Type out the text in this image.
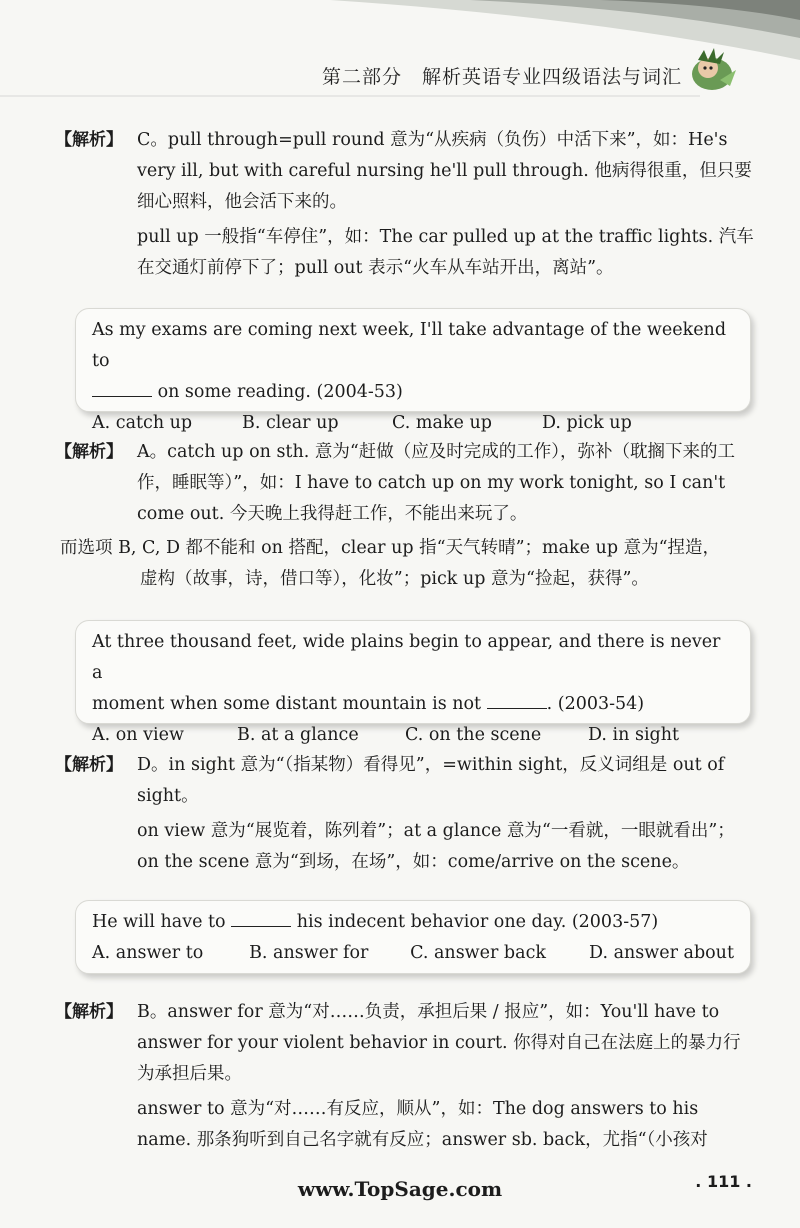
第二部分　解析英语专业四级语法与词汇
【解析】 C。pull through=pull round 意为“从疾病（负伤）中活下来”，如：He's very ill, but with careful nursing he'll pull through. 他病得很重，但只要细心照料，他会活下来的。

pull up 一般指“车停住”，如：The car pulled up at the traffic lights. 汽车在交通灯前停下了；pull out 表示“火车从车站开出，离站”。

As my exams are coming next week, I'll take advantage of the weekend to

on some reading. (2004-53)

A. catch up	B. clear up	C. make up	D. pick up
【解析】 A。catch up on sth. 意为“赶做（应及时完成的工作），弥补（耽搁下来的工作，睡眠等）”，如：I have to catch up on my work tonight, so I can't come out. 今天晚上我得赶工作，不能出来玩了。

而选项 B, C, D 都不能和 on 搭配，clear up 指“天气转晴”；make up 意为“捏造，

虚构（故事，诗，借口等），化妆”；pick up 意为“捡起，获得”。

At three thousand feet, wide plains begin to appear, and there is never a

moment when some distant mountain is not	. (2003-54)

A. on view	B. at a glance	C. on the scene	D. in sight
【解析】 D。in sight 意为“（指某物）看得见”，=within sight，反义词组是 out of sight。

on view 意为“展览着，陈列着”；at a glance 意为“一看就，一眼就看出”；on the scene 意为“到场，在场”，如：come/arrive on the scene。

He will have to	his indecent behavior one day. (2003-57)

A. answer to	B. answer for	C. answer back	D. answer about
【解析】 B。answer for 意为“对……负责，承担后果 / 报应”，如：You'll have to answer for your violent behavior in court. 你得对自己在法庭上的暴力行为承担后果。

answer to 意为“对……有反应，顺从”，如：The dog answers to his name. 那条狗听到自己名字就有反应；answer sb. back，尤指“（小孩对

www.TopSage.com	. 111 .
